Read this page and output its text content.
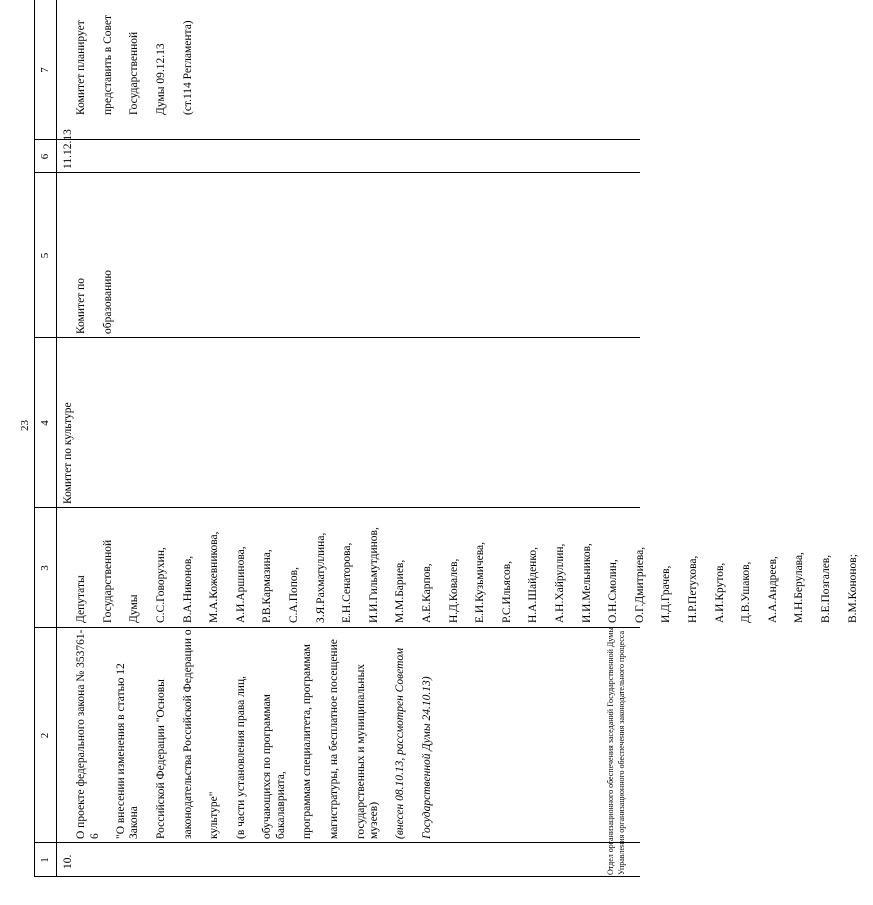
23
1
2
3
4
5
6
7
10.

О проекте федерального закона № 353761-6 "О внесении изменения в статью 12 Закона Российской Федерации "Основы законодательства Российской Федерации о культуре" (в части установления права лиц, обучающихся по программам бакалавриата, программам специалитета, программам магистратуры, на бесплатное посещение государственных и муниципальных музеев) (внесен 08.10.13, рассмотрен Советом Государственной Думы 24.10.13)

Депутаты Государственной Думы С.С.Говорухин, В.А.Никонов, М.А.Кожевникова, А.И.Аршинова, Р.В.Кармазина, С.А.Попов, З.Я.Рахматуллина, Е.Н.Сенаторова, И.И.Гильмутдинов, М.М.Бариев, А.Е.Карпов, Н.Д.Ковалев, Е.И.Кузьмичева, Р.С.Ильясов, Н.А.Шайденко, А.Н.Хайруллин, И.И.Мельников, О.Н.Смолин, О.Г.Дмитриева, И.Д.Грачев, Н.Р.Петухова, А.И.Крутов, Д.В.Ушаков, А.А.Андреев, М.Н.Берулава, В.Е.Позгалев, В.М.Кононов;

Комитет по культуре

Комитет по образованию

11.12.13

Комитет планирует представить в Совет Государственной Думы 09.12.13 (ст.114 Регламента)

Отдел организационного обеспечения заседаний Государственной Думы Управления организационного обеспечения законодательного процесса
